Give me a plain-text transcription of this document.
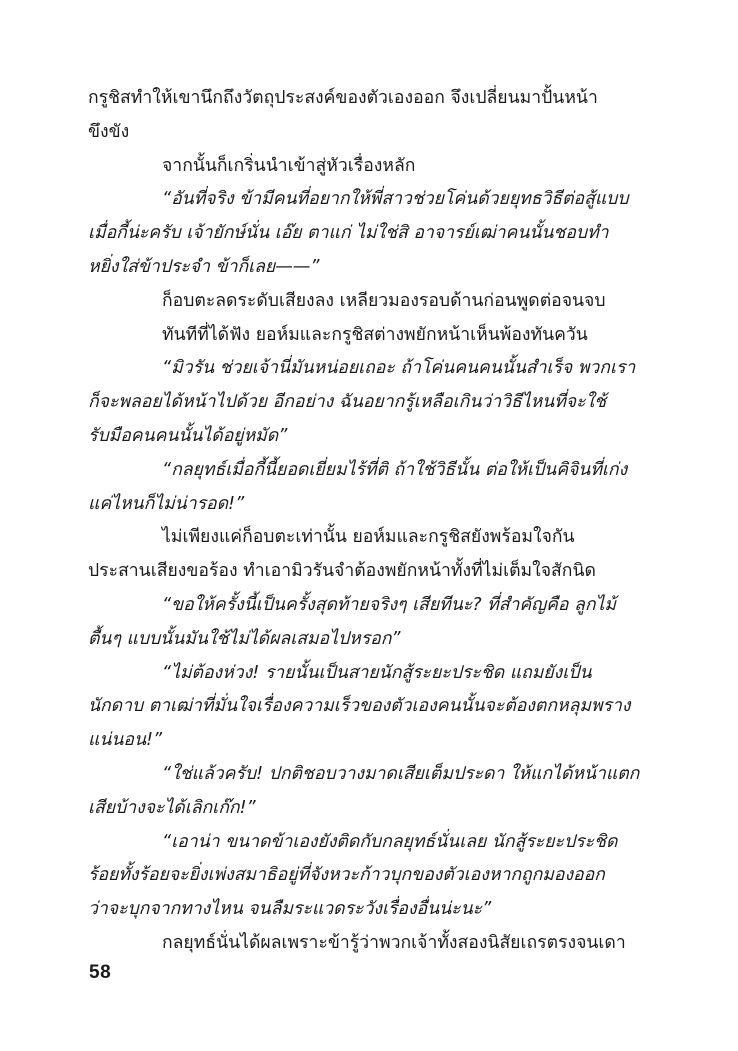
กรูชิสทำให้เขานึกถึงวัตถุประสงค์ของตัวเองออก จึงเปลี่ยนมาปั้นหน้า
ขึงขัง
จากนั้นก็เกริ่นนำเข้าสู่หัวเรื่องหลัก
“อันที่จริง ข้ามีคนที่อยากให้พี่สาวช่วยโค่นด้วยยุทธวิธีต่อสู้แบบ
เมื่อกี้น่ะครับ เจ้ายักษ์นั่น เอ๊ย ตาแก่ ไม่ใช่สิ อาจารย์เฒ่าคนนั้นชอบทำ
หยิ่งใส่ข้าประจำ ข้าก็เลย——”
ก็อบตะลดระดับเสียงลง เหลียวมองรอบด้านก่อนพูดต่อจนจบ
ทันทีที่ได้ฟัง ยอห์มและกรูชิสต่างพยักหน้าเห็นพ้องทันควัน
“มิวรัน ช่วยเจ้านี่มันหน่อยเถอะ ถ้าโค่นคนคนนั้นสำเร็จ พวกเรา
ก็จะพลอยได้หน้าไปด้วย อีกอย่าง ฉันอยากรู้เหลือเกินว่าวิธีไหนที่จะใช้
รับมือคนคนนั้นได้อยู่หมัด”
“กลยุทธ์เมื่อกี้นี้ยอดเยี่ยมไร้ที่ติ ถ้าใช้วิธีนั้น ต่อให้เป็นคิจินที่เก่ง
แค่ไหนก็ไม่น่ารอด!”
ไม่เพียงแค่ก็อบตะเท่านั้น ยอห์มและกรูชิสยังพร้อมใจกัน
ประสานเสียงขอร้อง ทำเอามิวรันจำต้องพยักหน้าทั้งที่ไม่เต็มใจสักนิด
“ขอให้ครั้งนี้เป็นครั้งสุดท้ายจริงๆ เสียทีนะ? ที่สำคัญคือ ลูกไม้
ตื้นๆ แบบนั้นมันใช้ไม่ได้ผลเสมอไปหรอก”
“ไม่ต้องห่วง! รายนั้นเป็นสายนักสู้ระยะประชิด แถมยังเป็น
นักดาบ ตาเฒ่าที่มั่นใจเรื่องความเร็วของตัวเองคนนั้นจะต้องตกหลุมพราง
แน่นอน!”
“ใช่แล้วครับ! ปกติชอบวางมาดเสียเต็มประดา ให้แกได้หน้าแตก
เสียบ้างจะได้เลิกเก๊ก!”
“เอาน่า ขนาดข้าเองยังติดกับกลยุทธ์นั่นเลย นักสู้ระยะประชิด
ร้อยทั้งร้อยจะยิ่งเพ่งสมาธิอยู่ที่จังหวะก้าวบุกของตัวเองหากถูกมองออก
ว่าจะบุกจากทางไหน จนลืมระแวดระวังเรื่องอื่นน่ะนะ”
กลยุทธ์นั่นได้ผลเพราะข้ารู้ว่าพวกเจ้าทั้งสองนิสัยเถรตรงจนเดา
58
